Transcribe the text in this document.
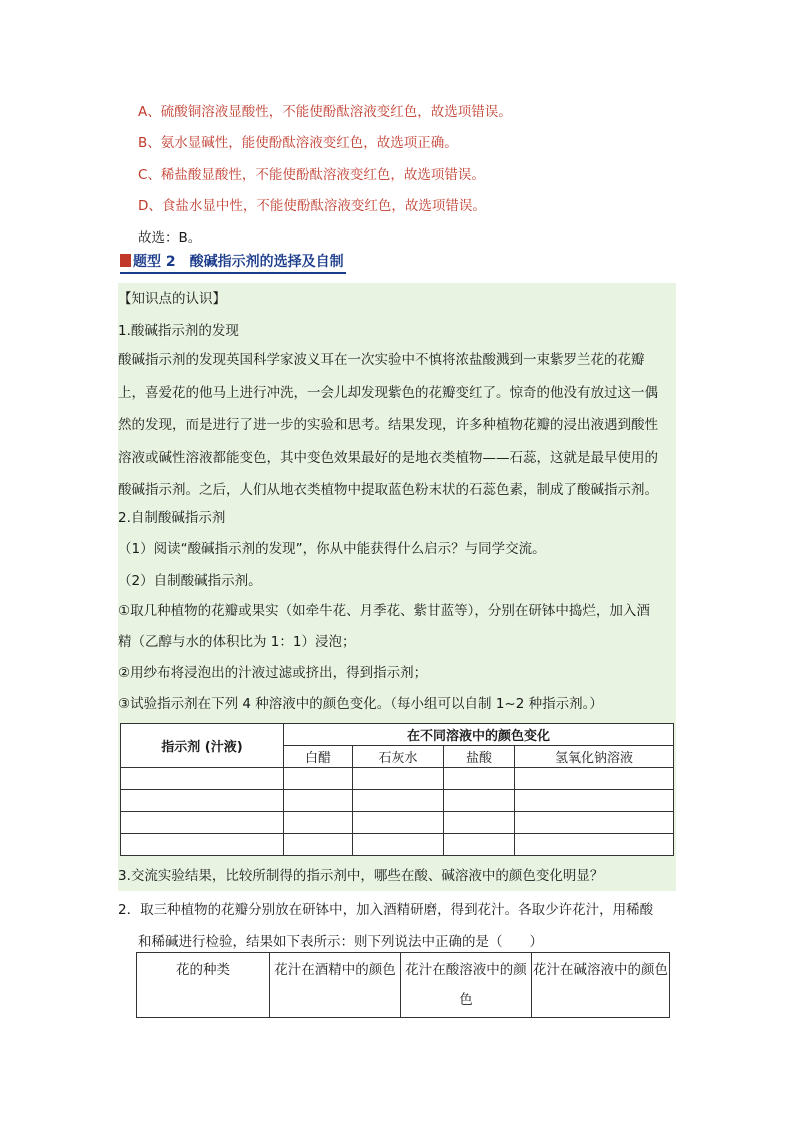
A、硫酸铜溶液显酸性，不能使酚酞溶液变红色，故选项错误。
B、氨水显碱性，能使酚酞溶液变红色，故选项正确。
C、稀盐酸显酸性，不能使酚酞溶液变红色，故选项错误。
D、食盐水显中性，不能使酚酞溶液变红色，故选项错误。
故选：B。
题型 2　酸碱指示剂的选择及自制
【知识点的认识】
1.酸碱指示剂的发现
酸碱指示剂的发现英国科学家波义耳在一次实验中不慎将浓盐酸溅到一束紫罗兰花的花瓣
上，喜爱花的他马上进行冲洗，一会儿却发现紫色的花瓣变红了。惊奇的他没有放过这一偶
然的发现，而是进行了进一步的实验和思考。结果发现，许多种植物花瓣的浸出液遇到酸性
溶液或碱性溶液都能变色，其中变色效果最好的是地衣类植物——石蕊，这就是最早使用的
酸碱指示剂。之后，人们从地衣类植物中提取蓝色粉末状的石蕊色素，制成了酸碱指示剂。
2.自制酸碱指示剂
（1）阅读“酸碱指示剂的发现”，你从中能获得什么启示？与同学交流。
（2）自制酸碱指示剂。
①取几种植物的花瓣或果实（如牵牛花、月季花、紫甘蓝等），分别在研钵中捣烂，加入酒
精（乙醇与水的体积比为 1：1）浸泡；
②用纱布将浸泡出的汁液过滤或挤出，得到指示剂；
③试验指示剂在下列 4 种溶液中的颜色变化。（每小组可以自制 1~2 种指示剂。）
指示剂 (汁液)	在不同溶液中的颜色变化			
	白醋	石灰水	盐酸	氢氧化钠溶液

3.交流实验结果，比较所制得的指示剂中，哪些在酸、碱溶液中的颜色变化明显？
2．取三种植物的花瓣分别放在研钵中，加入酒精研磨，得到花汁。各取少许花汁，用稀酸
和稀碱进行检验，结果如下表所示：则下列说法中正确的是（　　）
花的种类	花汁在酒精中的颜色	花汁在酸溶液中的颜色	花汁在碱溶液中的颜色
